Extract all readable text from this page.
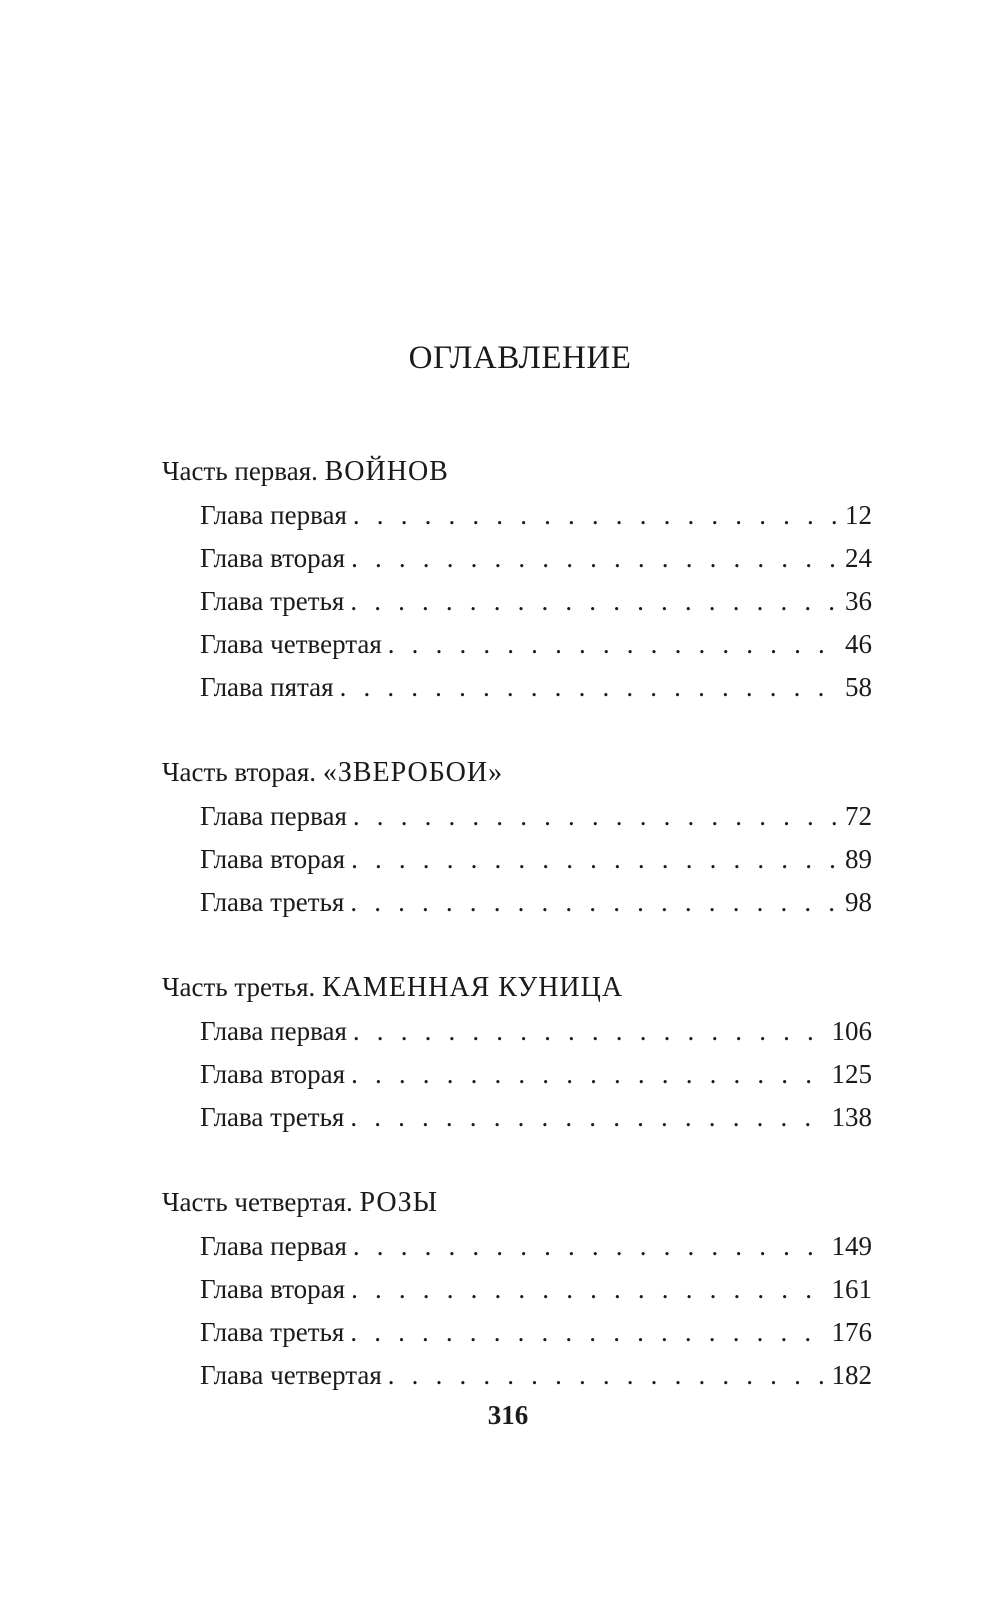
ОГЛАВЛЕНИЕ
Часть первая. ВОЙНОВ
Глава первая . . .	12
Глава вторая . . .	24
Глава третья . . .	36
Глава четвертая . . .	46
Глава пятая . . .	58
Часть вторая. «ЗВЕРОБОИ»
Глава первая . . .	72
Глава вторая . . .	89
Глава третья . . .	98
Часть третья. КАМЕННАЯ КУНИЦА
Глава первая . . .	106
Глава вторая . . .	125
Глава третья . . .	138
Часть четвертая. РОЗЫ
Глава первая . . .	149
Глава вторая . . .	161
Глава третья . . .	176
Глава четвертая . . .	182
316
